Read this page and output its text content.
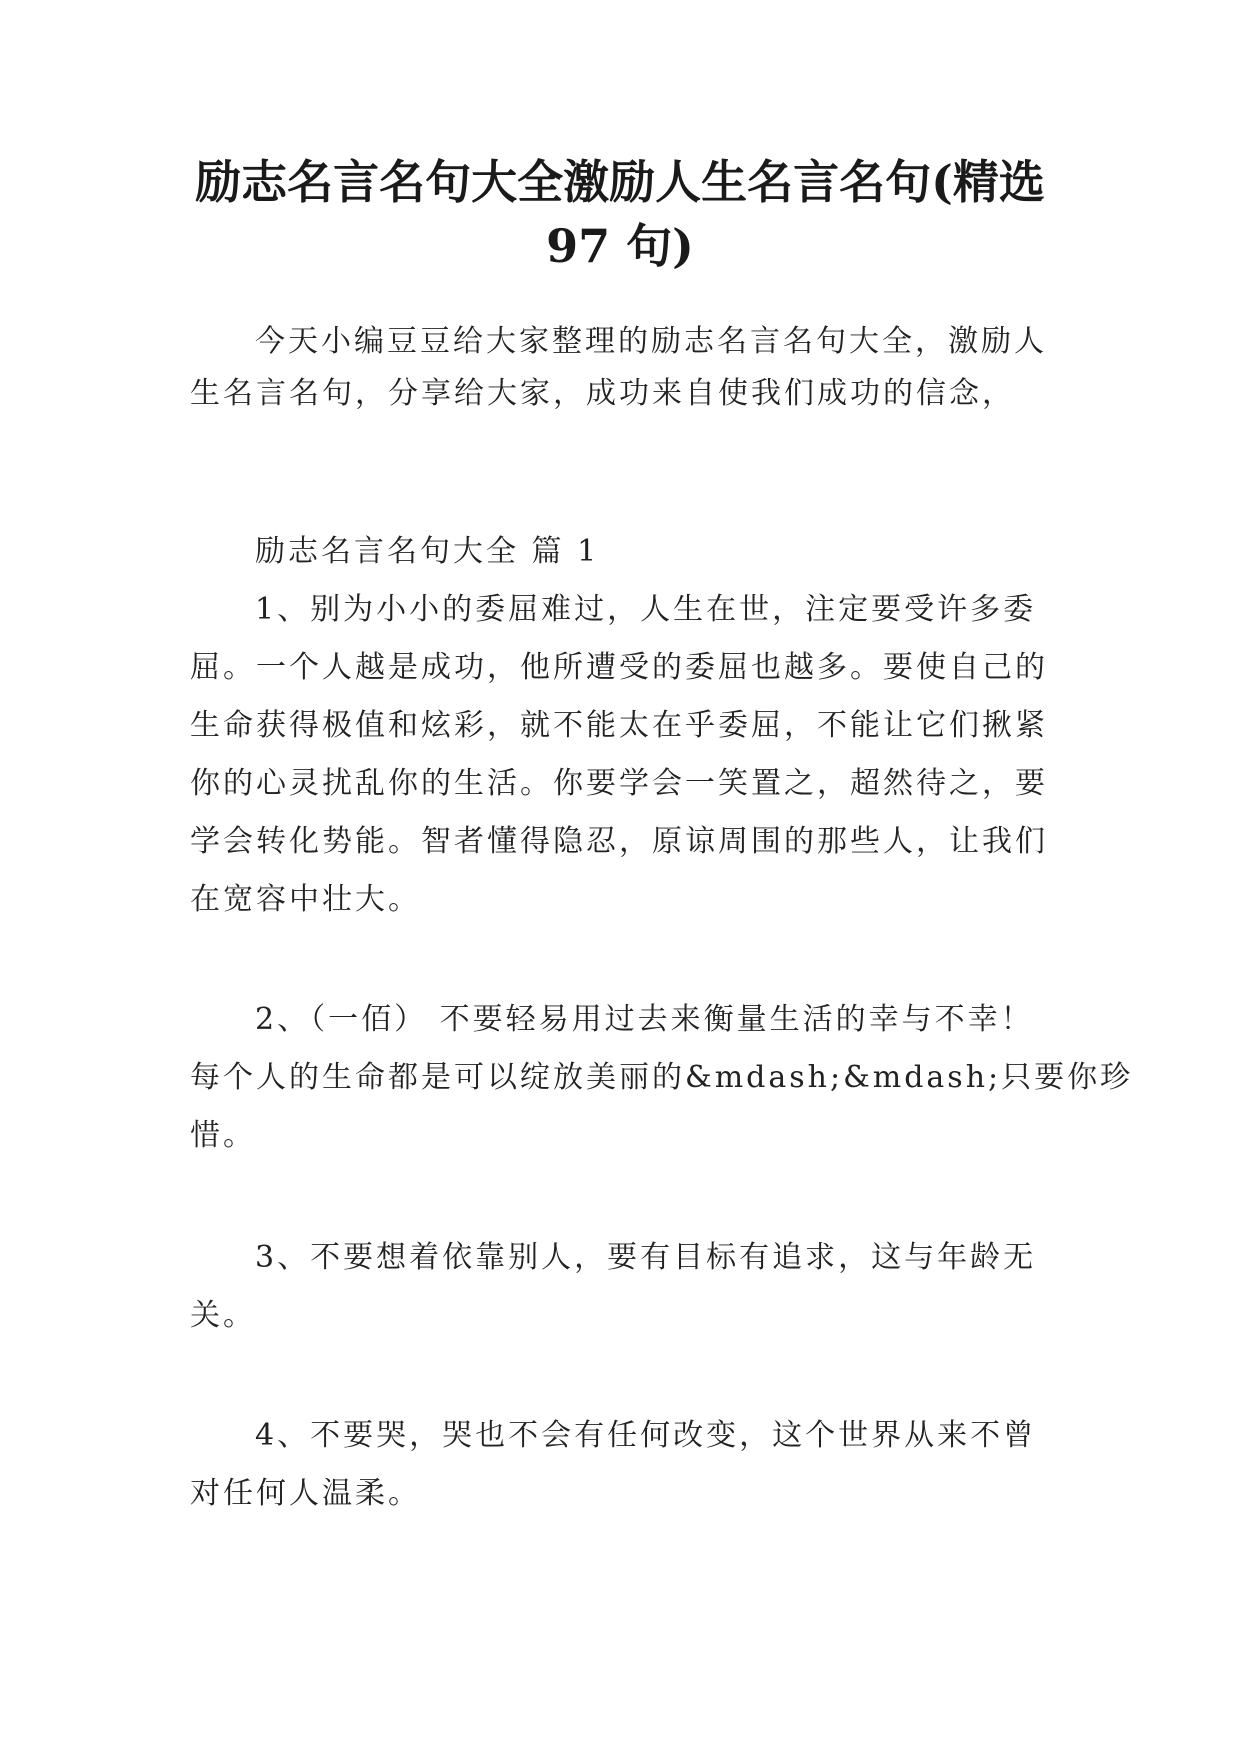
励志名言名句大全激励人生名言名句(精选
97 句)
今天小编豆豆给大家整理的励志名言名句大全，激励人
生名言名句，分享给大家，成功来自使我们成功的信念，
励志名言名句大全 篇 1
1、别为小小的委屈难过，人生在世，注定要受许多委
屈。一个人越是成功，他所遭受的委屈也越多。要使自己的
生命获得极值和炫彩，就不能太在乎委屈，不能让它们揪紧
你的心灵扰乱你的生活。你要学会一笑置之，超然待之，要
学会转化势能。智者懂得隐忍，原谅周围的那些人，让我们
在宽容中壮大。
2、（一佰） 不要轻易用过去来衡量生活的幸与不幸！
每个人的生命都是可以绽放美丽的&mdash;&mdash;只要你珍
惜。
3、不要想着依靠别人，要有目标有追求，这与年龄无
关。
4、不要哭，哭也不会有任何改变，这个世界从来不曾
对任何人温柔。
